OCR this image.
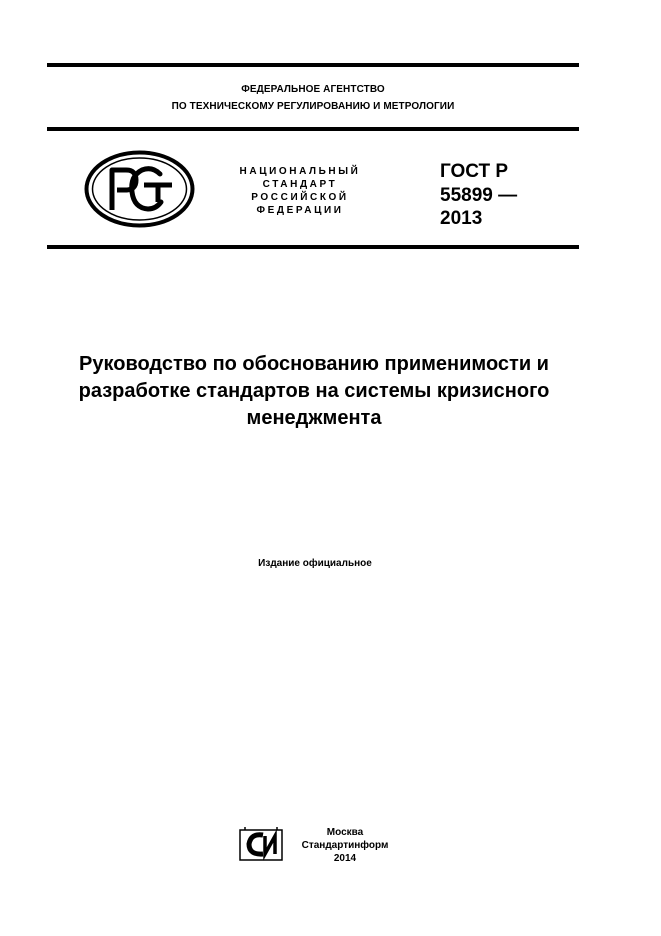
ФЕДЕРАЛЬНОЕ АГЕНТСТВО
ПО ТЕХНИЧЕСКОМУ РЕГУЛИРОВАНИЮ И МЕТРОЛОГИИ
НАЦИОНАЛЬНЫЙ
СТАНДАРТ
РОССИЙСКОЙ
ФЕДЕРАЦИИ
ГОСТ Р
55899 —
2013
Руководство по обоснованию применимости и
разработке стандартов на системы кризисного
менеджмента
Издание официальное
Москва
Стандартинформ
2014
